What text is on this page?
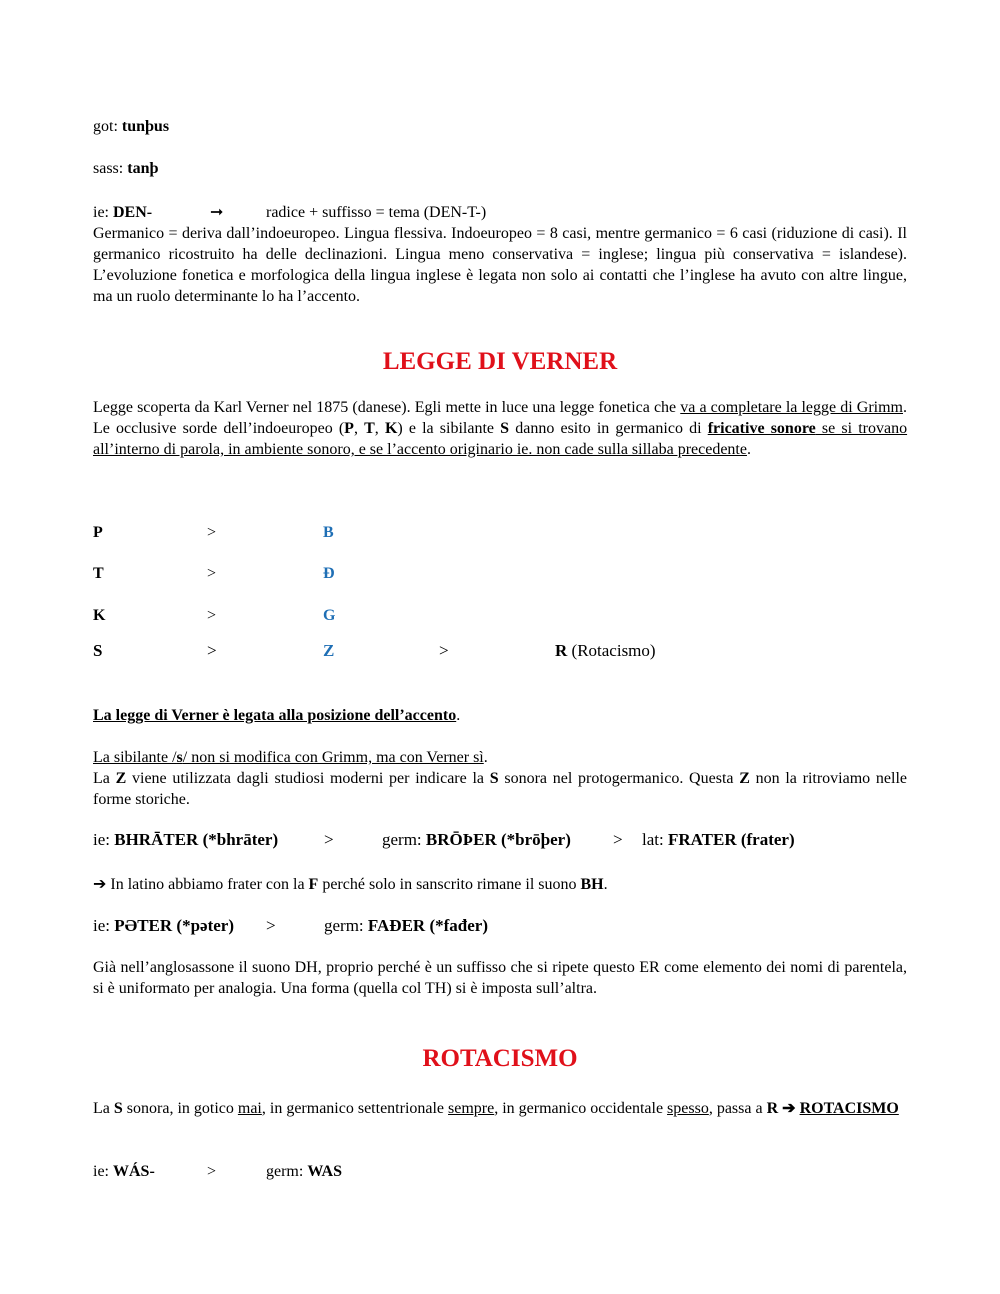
got: tunþus
sass: tanþ
ie: DEN-	➞	radice + suffisso = tema (DEN-T-)
Germanico = deriva dall’indoeuropeo. Lingua flessiva. Indoeuropeo = 8 casi, mentre germanico = 6 casi (riduzione di casi). Il germanico ricostruito ha delle declinazioni. Lingua meno conservativa = inglese; lingua più conservativa = islandese). L’evoluzione fonetica e morfologica della lingua inglese è legata non solo ai contatti che l’inglese ha avuto con altre lingue, ma un ruolo determinante lo ha l’accento.
LEGGE DI VERNER
Legge scoperta da Karl Verner nel 1875 (danese). Egli mette in luce una legge fonetica che va a completare la legge di Grimm. Le occlusive sorde dell’indoeuropeo (P, T, K) e la sibilante S danno esito in germanico di fricative sonore se si trovano all’interno di parola, in ambiente sonoro, e se l’accento originario ie. non cade sulla sillaba precedente.
P	>	B
T	>	Đ
K	>	G
S	>	Z	>	R (Rotacismo)
La legge di Verner è legata alla posizione dell’accento.
La sibilante /s/ non si modifica con Grimm, ma con Verner sì.
La Z viene utilizzata dagli studiosi moderni per indicare la S sonora nel protogermanico. Questa Z non la ritroviamo nelle forme storiche.
ie: BHRĀTER (*bhrāter)	>	germ: BRŌÞER (*brōþer) > lat: FRATER (frater)
➔ In latino abbiamo frater con la F perché solo in sanscrito rimane il suono BH.
ie: PƏTER (*pəter) >	germ: FAĐER (*fađer)
Già nell’anglosassone il suono DH, proprio perché è un suffisso che si ripete questo ER come elemento dei nomi di parentela, si è uniformato per analogia. Una forma (quella col TH) si è imposta sull’altra.
ROTACISMO
La S sonora, in gotico mai, in germanico settentrionale sempre, in germanico occidentale spesso, passa a R ➔ ROTACISMO
ie: WÁS-	>	germ: WAS
